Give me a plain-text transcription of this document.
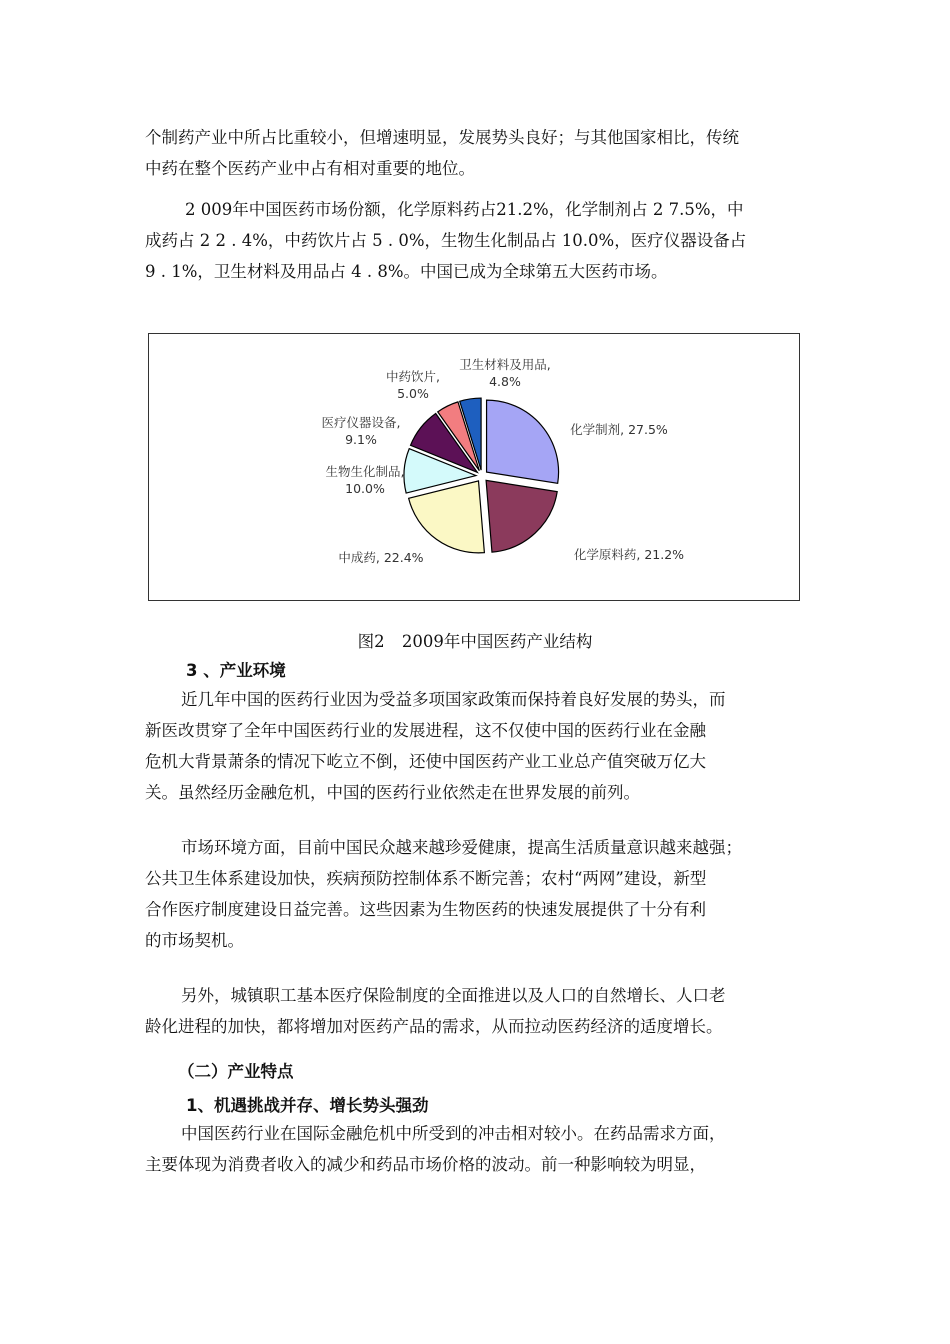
个制药产业中所占比重较小，但增速明显，发展势头良好；与其他国家相比，传统
中药在整个医药产业中占有相对重要的地位。
2 009年中国医药市场份额，化学原料药占21.2%，化学制剂占 2 7.5%，中
成药占 2 2 . 4%，中药饮片占 5 . 0%，生物生化制品占 10.0%，医疗仪器设备占
9 . 1%，卫生材料及用品占 4 . 8%。中国已成为全球第五大医药市场。
化学制剂, 27.5%
化学原料药, 21.2%
中成药, 22.4%
生物生化制品, 10.0%
医疗仪器设备, 9.1%
中药饮片, 5.0%
卫生材料及用品, 4.8%

图2 2009年中国医药产业结构

3 、产业环境

近几年中国的医药行业因为受益多项国家政策而保持着良好发展的势头，而
新医改贯穿了全年中国医药行业的发展进程，这不仅使中国的医药行业在金融
危机大背景萧条的情况下屹立不倒，还使中国医药产业工业总产值突破万亿大
关。虽然经历金融危机，中国的医药行业依然走在世界发展的前列。
市场环境方面，目前中国民众越来越珍爱健康，提高生活质量意识越来越强；
公共卫生体系建设加快，疾病预防控制体系不断完善；农村“两网”建设，新型
合作医疗制度建设日益完善。这些因素为生物医药的快速发展提供了十分有利
的市场契机。
另外，城镇职工基本医疗保险制度的全面推进以及人口的自然增长、人口老
龄化进程的加快，都将增加对医药产品的需求，从而拉动医药经济的适度增长。

（二）产业特点

1、机遇挑战并存、增长势头强劲

中国医药行业在国际金融危机中所受到的冲击相对较小。在药品需求方面，
主要体现为消费者收入的减少和药品市场价格的波动。前一种影响较为明显，
